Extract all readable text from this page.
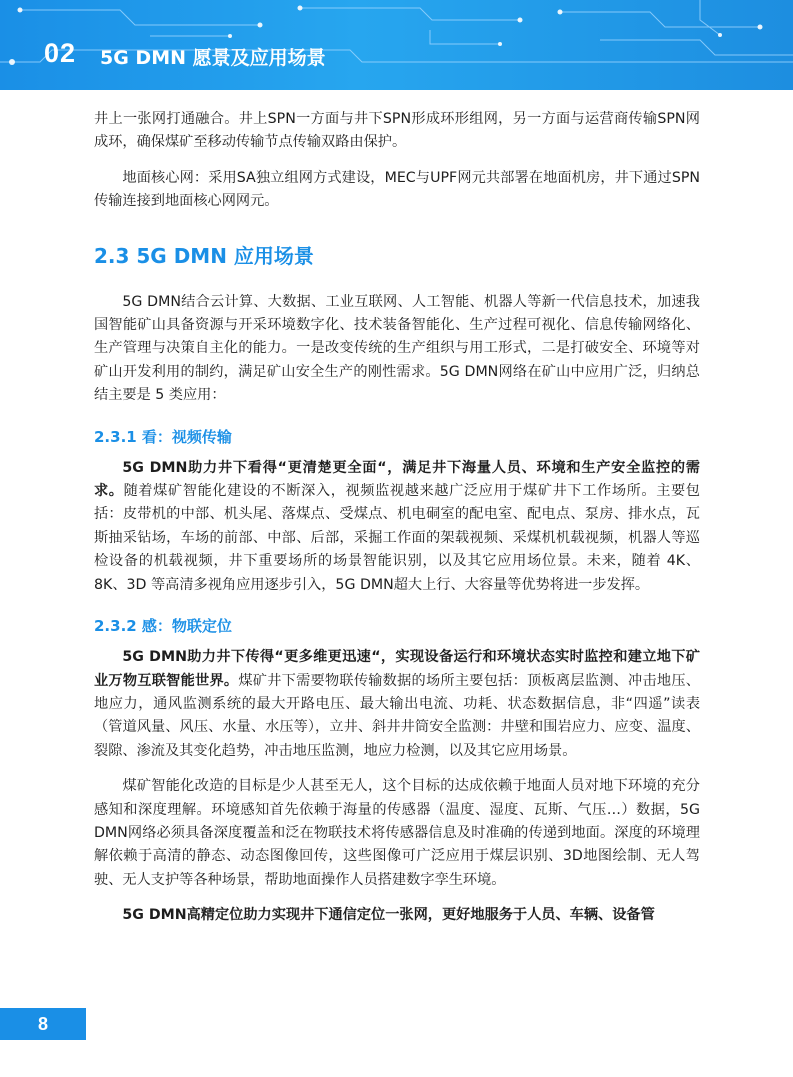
02 5G DMN 愿景及应用场景

井上一张网打通融合。井上SPN一方面与井下SPN形成环形组网，另一方面与运营商传输SPN网成环，确保煤矿至移动传输节点传输双路由保护。

地面核心网：采用SA独立组网方式建设，MEC与UPF网元共部署在地面机房，井下通过SPN传输连接到地面核心网网元。

2.3 5G DMN 应用场景

5G DMN结合云计算、大数据、工业互联网、人工智能、机器人等新一代信息技术，加速我国智能矿山具备资源与开采环境数字化、技术装备智能化、生产过程可视化、信息传输网络化、生产管理与决策自主化的能力。一是改变传统的生产组织与用工形式，二是打破安全、环境等对矿山开发利用的制约，满足矿山安全生产的刚性需求。5G DMN网络在矿山中应用广泛，归纳总结主要是 5 类应用：

2.3.1 看：视频传输

5G DMN助力井下看得“更清楚更全面“，满足井下海量人员、环境和生产安全监控的需求。随着煤矿智能化建设的不断深入，视频监视越来越广泛应用于煤矿井下工作场所。主要包括：皮带机的中部、机头尾、落煤点、受煤点、机电硐室的配电室、配电点、泵房、排水点，瓦斯抽采钻场，车场的前部、中部、后部，采掘工作面的架载视频、采煤机机载视频，机器人等巡检设备的机载视频，井下重要场所的场景智能识别，以及其它应用场位景。未来，随着 4K、8K、3D 等高清多视角应用逐步引入，5G DMN超大上行、大容量等优势将进一步发挥。

2.3.2 感：物联定位

5G DMN助力井下传得“更多维更迅速“，实现设备运行和环境状态实时监控和建立地下矿业万物互联智能世界。煤矿井下需要物联传输数据的场所主要包括：顶板离层监测、冲击地压、地应力，通风监测系统的最大开路电压、最大输出电流、功耗、状态数据信息，非“四遥”读表（管道风量、风压、水量、水压等），立井、斜井井筒安全监测：井壁和围岩应力、应变、温度、裂隙、渗流及其变化趋势，冲击地压监测，地应力检测，以及其它应用场景。

煤矿智能化改造的目标是少人甚至无人，这个目标的达成依赖于地面人员对地下环境的充分感知和深度理解。环境感知首先依赖于海量的传感器（温度、湿度、瓦斯、气压…）数据，5G DMN网络必须具备深度覆盖和泛在物联技术将传感器信息及时准确的传递到地面。深度的环境理解依赖于高清的静态、动态图像回传，这些图像可广泛应用于煤层识别、3D地图绘制、无人驾驶、无人支护等各种场景，帮助地面操作人员搭建数字孪生环境。

5G DMN高精定位助力实现井下通信定位一张网，更好地服务于人员、车辆、设备管

8
